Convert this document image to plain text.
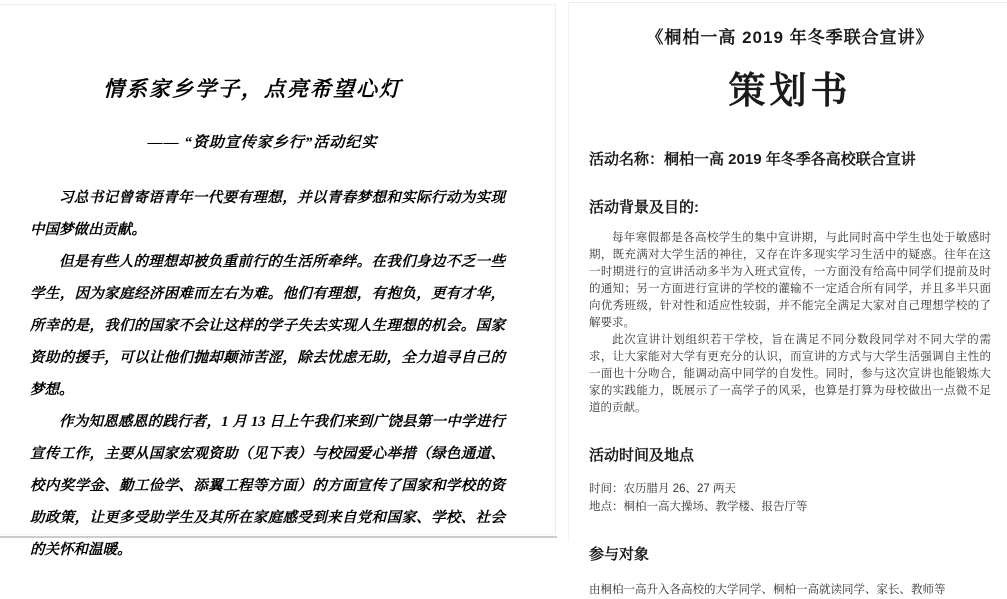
情系家乡学子，点亮希望心灯
—— “资助宣传家乡行”活动纪实

习总书记曾寄语青年一代要有理想，并以青春梦想和实际行动为实现中国梦做出贡献。

但是有些人的理想却被负重前行的生活所牵绊。在我们身边不乏一些学生，因为家庭经济困难而左右为难。他们有理想，有抱负，更有才华，所幸的是，我们的国家不会让这样的学子失去实现人生理想的机会。国家资助的援手，可以让他们抛却颠沛苦涩，除去忧虑无助，全力追寻自己的梦想。

作为知恩感恩的践行者，1 月 13 日上午我们来到广饶县第一中学进行宣传工作，主要从国家宏观资助（见下表）与校园爱心举措（绿色通道、校内奖学金、勤工俭学、添翼工程等方面）的方面宣传了国家和学校的资助政策，让更多受助学生及其所在家庭感受到来自党和国家、学校、社会的关怀和温暖。

《桐柏一高 2019 年冬季联合宣讲》
策划书
活动名称：桐柏一高 2019 年冬季各高校联合宣讲
活动背景及目的:

每年寒假都是各高校学生的集中宣讲期，与此同时高中学生也处于敏感时期，既充满对大学生活的神往，又存在许多现实学习生活中的疑惑。往年在这一时期进行的宣讲活动多半为入班式宣传，一方面没有给高中同学们提前及时的通知；另一方面进行宣讲的学校的灌输不一定适合所有同学，并且多半只面向优秀班级，针对性和适应性较弱，并不能完全满足大家对自己理想学校的了解要求。

此次宣讲计划组织若干学校，旨在满足不同分数段同学对不同大学的需求，让大家能对大学有更充分的认识，而宣讲的方式与大学生活强调自主性的一面也十分吻合，能调动高中同学的自发性。同时，参与这次宣讲也能锻炼大家的实践能力，既展示了一高学子的风采，也算是打算为母校做出一点微不足道的贡献。

活动时间及地点
时间：农历腊月 26、27 两天
地点：桐柏一高大操场、教学楼、报告厅等
参与对象
由桐柏一高升入各高校的大学同学、桐柏一高就读同学、家长、教师等
